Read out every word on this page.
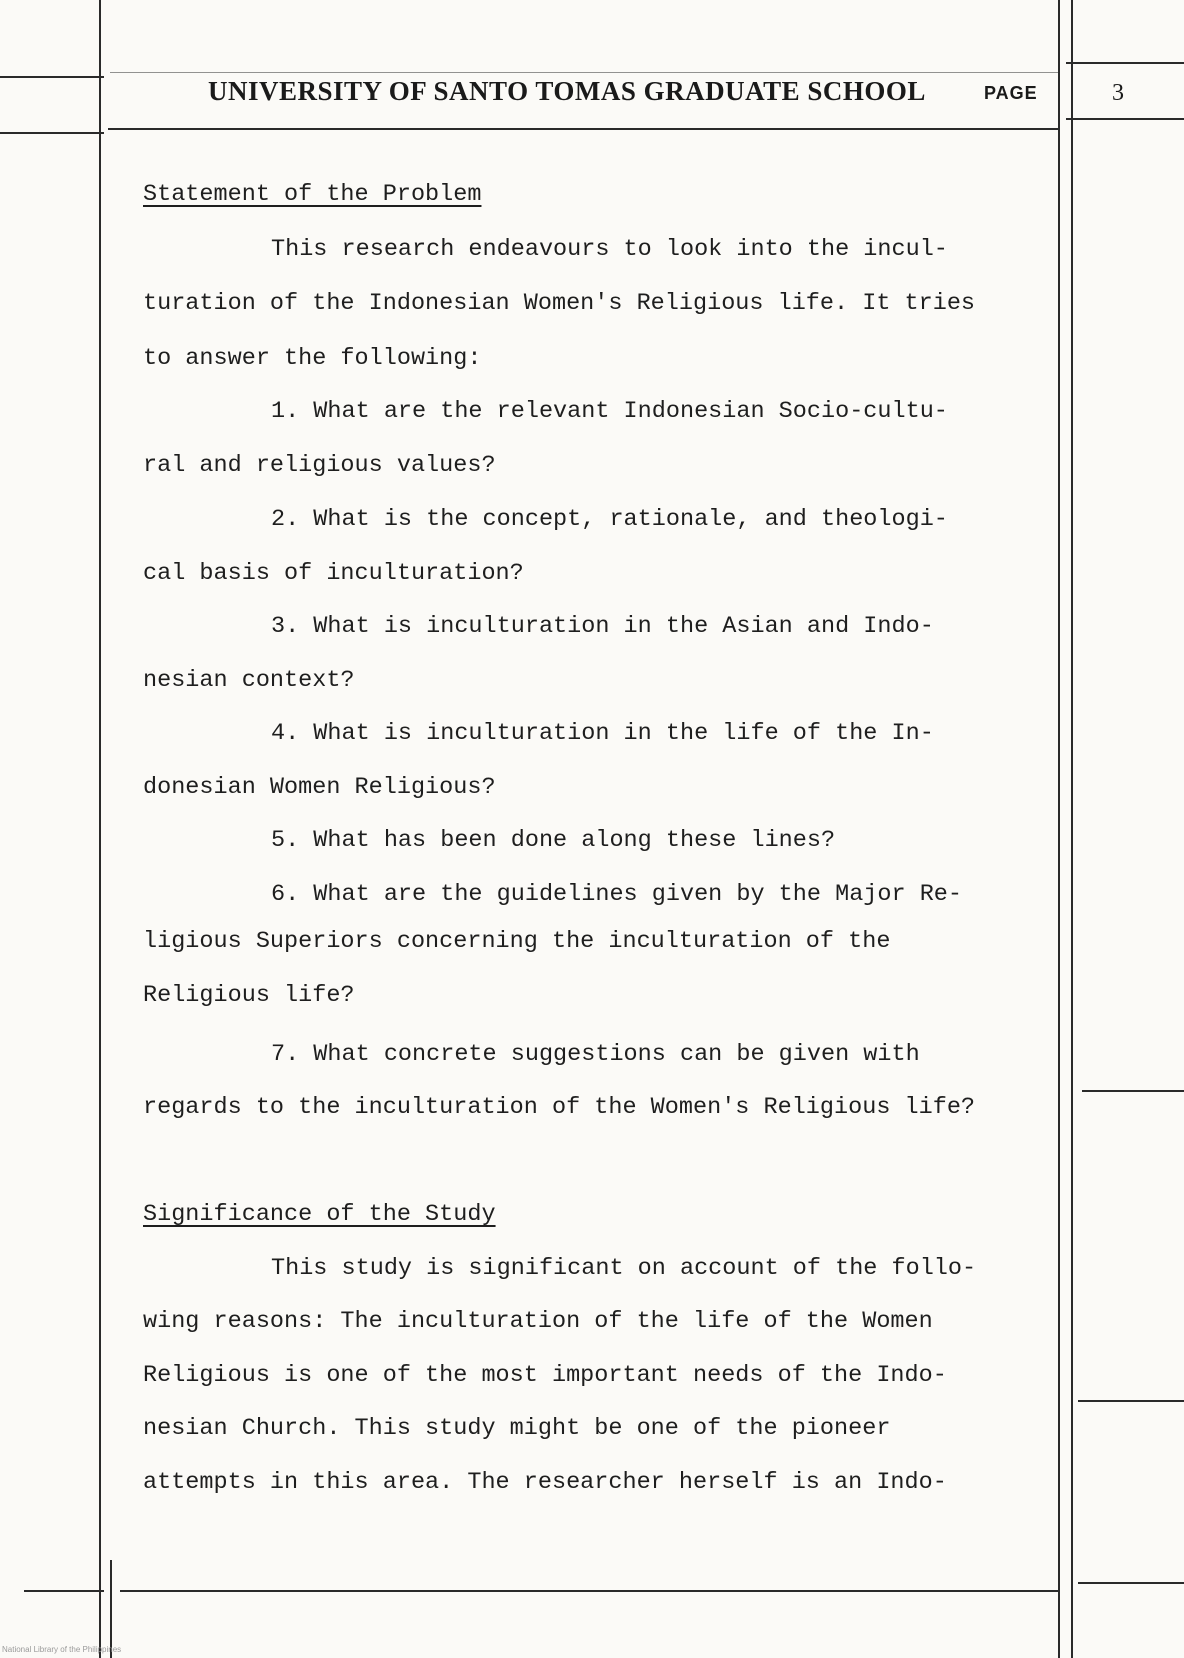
UNIVERSITY OF SANTO TOMAS GRADUATE SCHOOL	PAGE	3
Statement of the Problem
This research endeavours to look into the incul-
turation of the Indonesian Women's Religious life. It tries
to answer the following:
1. What are the relevant Indonesian Socio-cultu-
ral and religious values?
2. What is the concept, rationale, and theologi-
cal basis of inculturation?
3. What is inculturation in the Asian and Indo-
nesian context?
4. What is inculturation in the life of the In-
donesian Women Religious?
5. What has been done along these lines?
6. What are the guidelines given by the Major Re-
ligious Superiors concerning the inculturation of the
Religious life?
7. What concrete suggestions can be given with
regards to the inculturation of the Women's Religious life?
Significance of the Study
This study is significant on account of the follo-
wing reasons: The inculturation of the life of the Women
Religious is one of the most important needs of the Indo-
nesian Church. This study might be one of the pioneer
attempts in this area. The researcher herself is an Indo-
National Library of the Philippines
